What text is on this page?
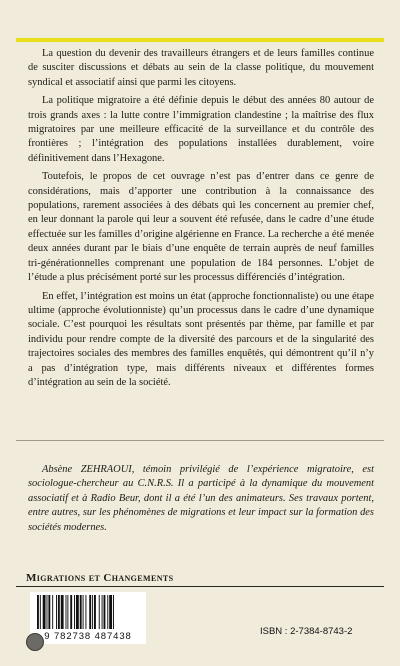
La question du devenir des travailleurs étrangers et de leurs familles continue de susciter discussions et débats au sein de la classe politique, du mouvement syndical et associatif ainsi que parmi les citoyens.

La politique migratoire a été définie depuis le début des années 80 autour de trois grands axes : la lutte contre l’immigration clandestine ; la maîtrise des flux migratoires par une meilleure efficacité de la surveillance et du contrôle des frontières ; l’intégration des populations installées durablement, voire définitivement dans l’Hexagone.

Toutefois, le propos de cet ouvrage n’est pas d’entrer dans ce genre de considérations, mais d’apporter une contribution à la connaissance des populations, rarement associées à des débats qui les concernent au premier chef, en leur donnant la parole qui leur a souvent été refusée, dans le cadre d’une étude effectuée sur les familles d’origine algérienne en France. La recherche a été menée deux années durant par le biais d’une enquête de terrain auprès de neuf familles tri-générationnelles comprenant une population de 184 personnes. L’objet de l’étude a plus précisément porté sur les processus différenciés d’intégration.

En effet, l’intégration est moins un état (approche fonctionnaliste) ou une étape ultime (approche évolutionniste) qu’un processus dans le cadre d’une dynamique sociale. C’est pourquoi les résultats sont présentés par thème, par famille et par individu pour rendre compte de la diversité des parcours et de la singularité des trajectoires sociales des membres des familles enquêtés, qui démontrent qu’il n’y a pas d’intégration type, mais différents niveaux et différentes formes d’intégration au sein de la société.

Absène ZEHRAOUI, témoin privilégié de l’expérience migratoire, est sociologue-chercheur au C.N.R.S. Il a participé à la dynamique du mouvement associatif et à Radio Beur, dont il a été l’un des animateurs. Ses travaux portent, entre autres, sur les phénomènes de migrations et leur impact sur la formation des sociétés modernes.

Migrations et Changements
9 782738 487438	ISBN : 2-7384-8743-2
